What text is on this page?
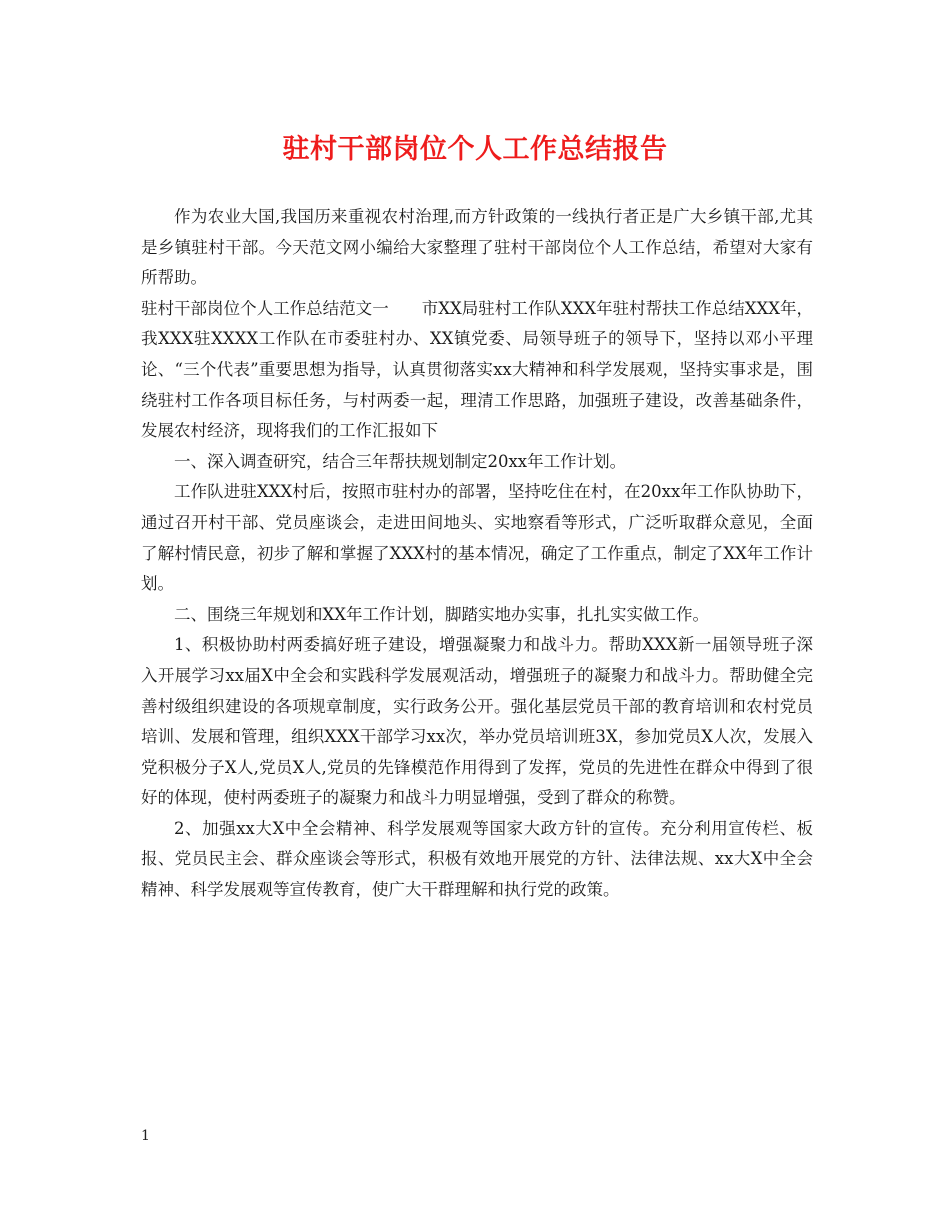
驻村干部岗位个人工作总结报告

作为农业大国,我国历来重视农村治理,而方针政策的一线执行者正是广大乡镇干部,尤其是乡镇驻村干部。今天范文网小编给大家整理了驻村干部岗位个人工作总结，希望对大家有所帮助。

驻村干部岗位个人工作总结范文一　　市XX局驻村工作队XXX年驻村帮扶工作总结XXX年，我XXX驻XXXX工作队在市委驻村办、XX镇党委、局领导班子的领导下，坚持以邓小平理论、“三个代表”重要思想为指导，认真贯彻落实xx大精神和科学发展观，坚持实事求是，围绕驻村工作各项目标任务，与村两委一起，理清工作思路，加强班子建设，改善基础条件，发展农村经济，现将我们的工作汇报如下

一、深入调查研究，结合三年帮扶规划制定20xx年工作计划。

工作队进驻XXX村后，按照市驻村办的部署，坚持吃住在村，在20xx年工作队协助下，通过召开村干部、党员座谈会，走进田间地头、实地察看等形式，广泛听取群众意见，全面了解村情民意，初步了解和掌握了XXX村的基本情况，确定了工作重点，制定了XX年工作计划。

二、围绕三年规划和XX年工作计划，脚踏实地办实事，扎扎实实做工作。

1、积极协助村两委搞好班子建设，增强凝聚力和战斗力。帮助XXX新一届领导班子深入开展学习xx届X中全会和实践科学发展观活动，增强班子的凝聚力和战斗力。帮助健全完善村级组织建设的各项规章制度，实行政务公开。强化基层党员干部的教育培训和农村党员培训、发展和管理，组织XXX干部学习xx次，举办党员培训班3X，参加党员X人次，发展入党积极分子X人,党员X人,党员的先锋模范作用得到了发挥，党员的先进性在群众中得到了很好的体现，使村两委班子的凝聚力和战斗力明显增强，受到了群众的称赞。

2、加强xx大X中全会精神、科学发展观等国家大政方针的宣传。充分利用宣传栏、板报、党员民主会、群众座谈会等形式，积极有效地开展党的方针、法律法规、xx大X中全会精神、科学发展观等宣传教育，使广大干群理解和执行党的政策。

1
